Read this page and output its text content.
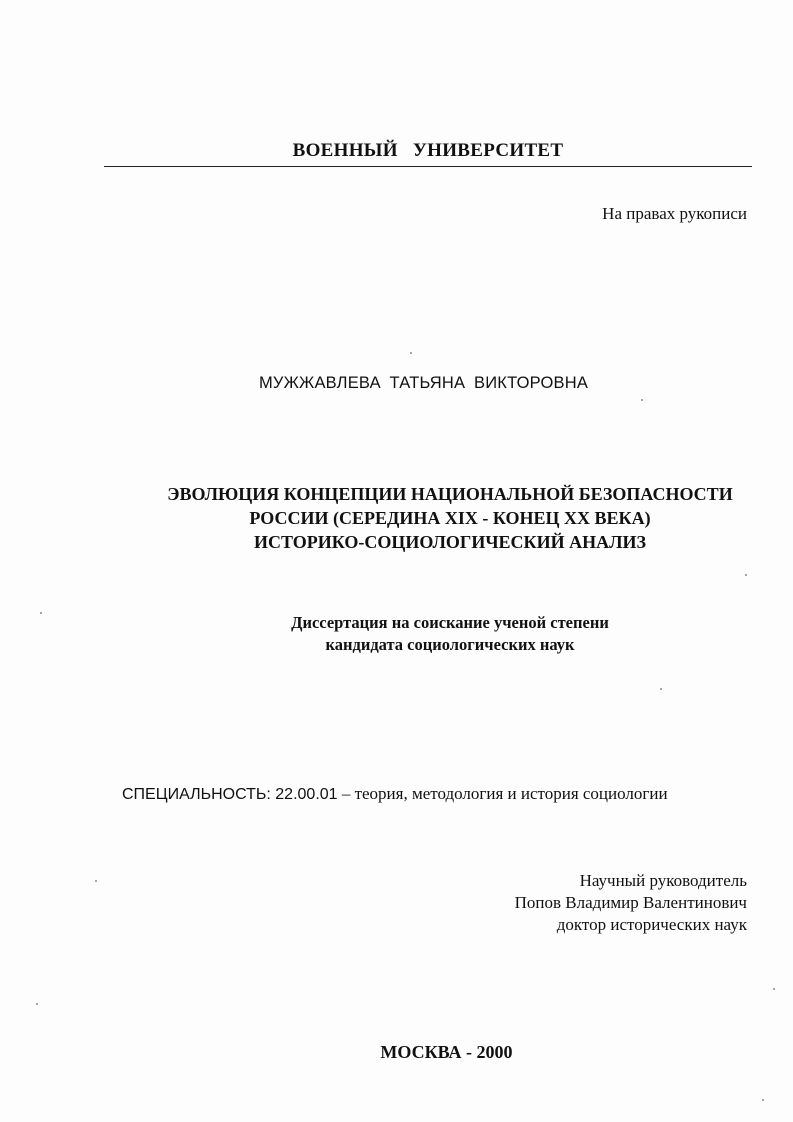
ВОЕННЫЙ УНИВЕРСИТЕТ
На правах рукописи
МУЖЖАВЛЕВА ТАТЬЯНА ВИКТОРОВНА
ЭВОЛЮЦИЯ КОНЦЕПЦИИ НАЦИОНАЛЬНОЙ БЕЗОПАСНОСТИ
РОССИИ (СЕРЕДИНА XIX - КОНЕЦ XX ВЕКА)
ИСТОРИКО-СОЦИОЛОГИЧЕСКИЙ АНАЛИЗ
Диссертация на соискание ученой степени
кандидата социологических наук
СПЕЦИАЛЬНОСТЬ: 22.00.01 – теория, методология и история социологии
Научный руководитель
Попов Владимир Валентинович
доктор исторических наук
МОСКВА - 2000
